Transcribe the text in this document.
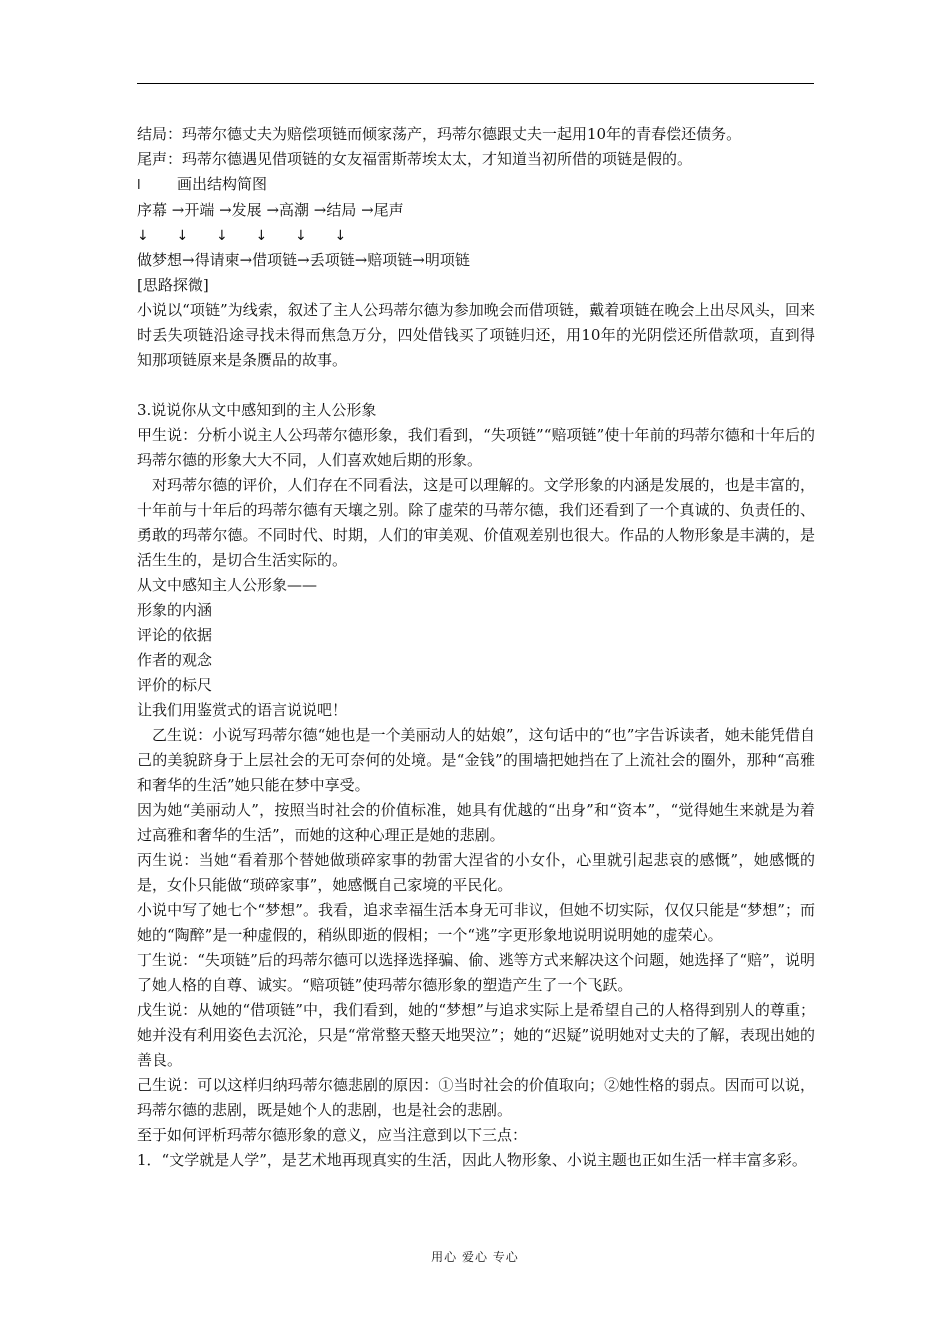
结局：玛蒂尔德丈夫为赔偿项链而倾家荡产，玛蒂尔德跟丈夫一起用10年的青春偿还债务。

尾声：玛蒂尔德遇见借项链的女友福雷斯蒂埃太太，才知道当初所借的项链是假的。

l 画出结构简图

序幕 →开端 →发展 →高潮 →结局 →尾声

↓
↓
↓
↓
↓
↓

做梦想→得请柬→借项链→丢项链→赔项链→明项链

[思路探微]

小说以“项链”为线索，叙述了主人公玛蒂尔德为参加晚会而借项链，戴着项链在晚会上出尽风头，回来时丢失项链沿途寻找未得而焦急万分，四处借钱买了项链归还，用10年的光阴偿还所借款项，直到得知那项链原来是条赝品的故事。

3.说说你从文中感知到的主人公形象

甲生说：分析小说主人公玛蒂尔德形象，我们看到，“失项链”“赔项链”使十年前的玛蒂尔德和十年后的玛蒂尔德的形象大大不同，人们喜欢她后期的形象。

对玛蒂尔德的评价，人们存在不同看法，这是可以理解的。文学形象的内涵是发展的，也是丰富的，十年前与十年后的玛蒂尔德有天壤之别。除了虚荣的马蒂尔德，我们还看到了一个真诚的、负责任的、勇敢的玛蒂尔德。不同时代、时期，人们的审美观、价值观差别也很大。作品的人物形象是丰满的，是活生生的，是切合生活实际的。

从文中感知主人公形象——

形象的内涵

评论的依据

作者的观念

评价的标尺

让我们用鉴赏式的语言说说吧！

乙生说：小说写玛蒂尔德“她也是一个美丽动人的姑娘”，这句话中的“也”字告诉读者，她未能凭借自己的美貌跻身于上层社会的无可奈何的处境。是“金钱”的围墙把她挡在了上流社会的圈外，那种“高雅和奢华的生活”她只能在梦中享受。

因为她“美丽动人”，按照当时社会的价值标准，她具有优越的“出身”和“资本”，“觉得她生来就是为着过高雅和奢华的生活”，而她的这种心理正是她的悲剧。

丙生说：当她“看着那个替她做琐碎家事的勃雷大涅省的小女仆，心里就引起悲哀的感慨”，她感慨的是，女仆只能做“琐碎家事”，她感慨自己家境的平民化。

小说中写了她七个“梦想”。我看，追求幸福生活本身无可非议，但她不切实际，仅仅只能是“梦想”；而她的“陶醉”是一种虚假的，稍纵即逝的假相；一个“逃”字更形象地说明说明她的虚荣心。

丁生说：“失项链”后的玛蒂尔德可以选择选择骗、偷、逃等方式来解决这个问题，她选择了“赔”，说明了她人格的自尊、诚实。“赔项链”使玛蒂尔德形象的塑造产生了一个飞跃。

戊生说：从她的“借项链”中，我们看到，她的“梦想”与追求实际上是希望自己的人格得到别人的尊重；她并没有利用姿色去沉沦，只是“常常整天整天地哭泣”；她的“迟疑”说明她对丈夫的了解，表现出她的善良。

己生说：可以这样归纳玛蒂尔德悲剧的原因：①当时社会的价值取向；②她性格的弱点。因而可以说，玛蒂尔德的悲剧，既是她个人的悲剧，也是社会的悲剧。

至于如何评析玛蒂尔德形象的意义，应当注意到以下三点：

1．“文学就是人学”，是艺术地再现真实的生活，因此人物形象、小说主题也正如生活一样丰富多彩。

用心 爱心 专心
